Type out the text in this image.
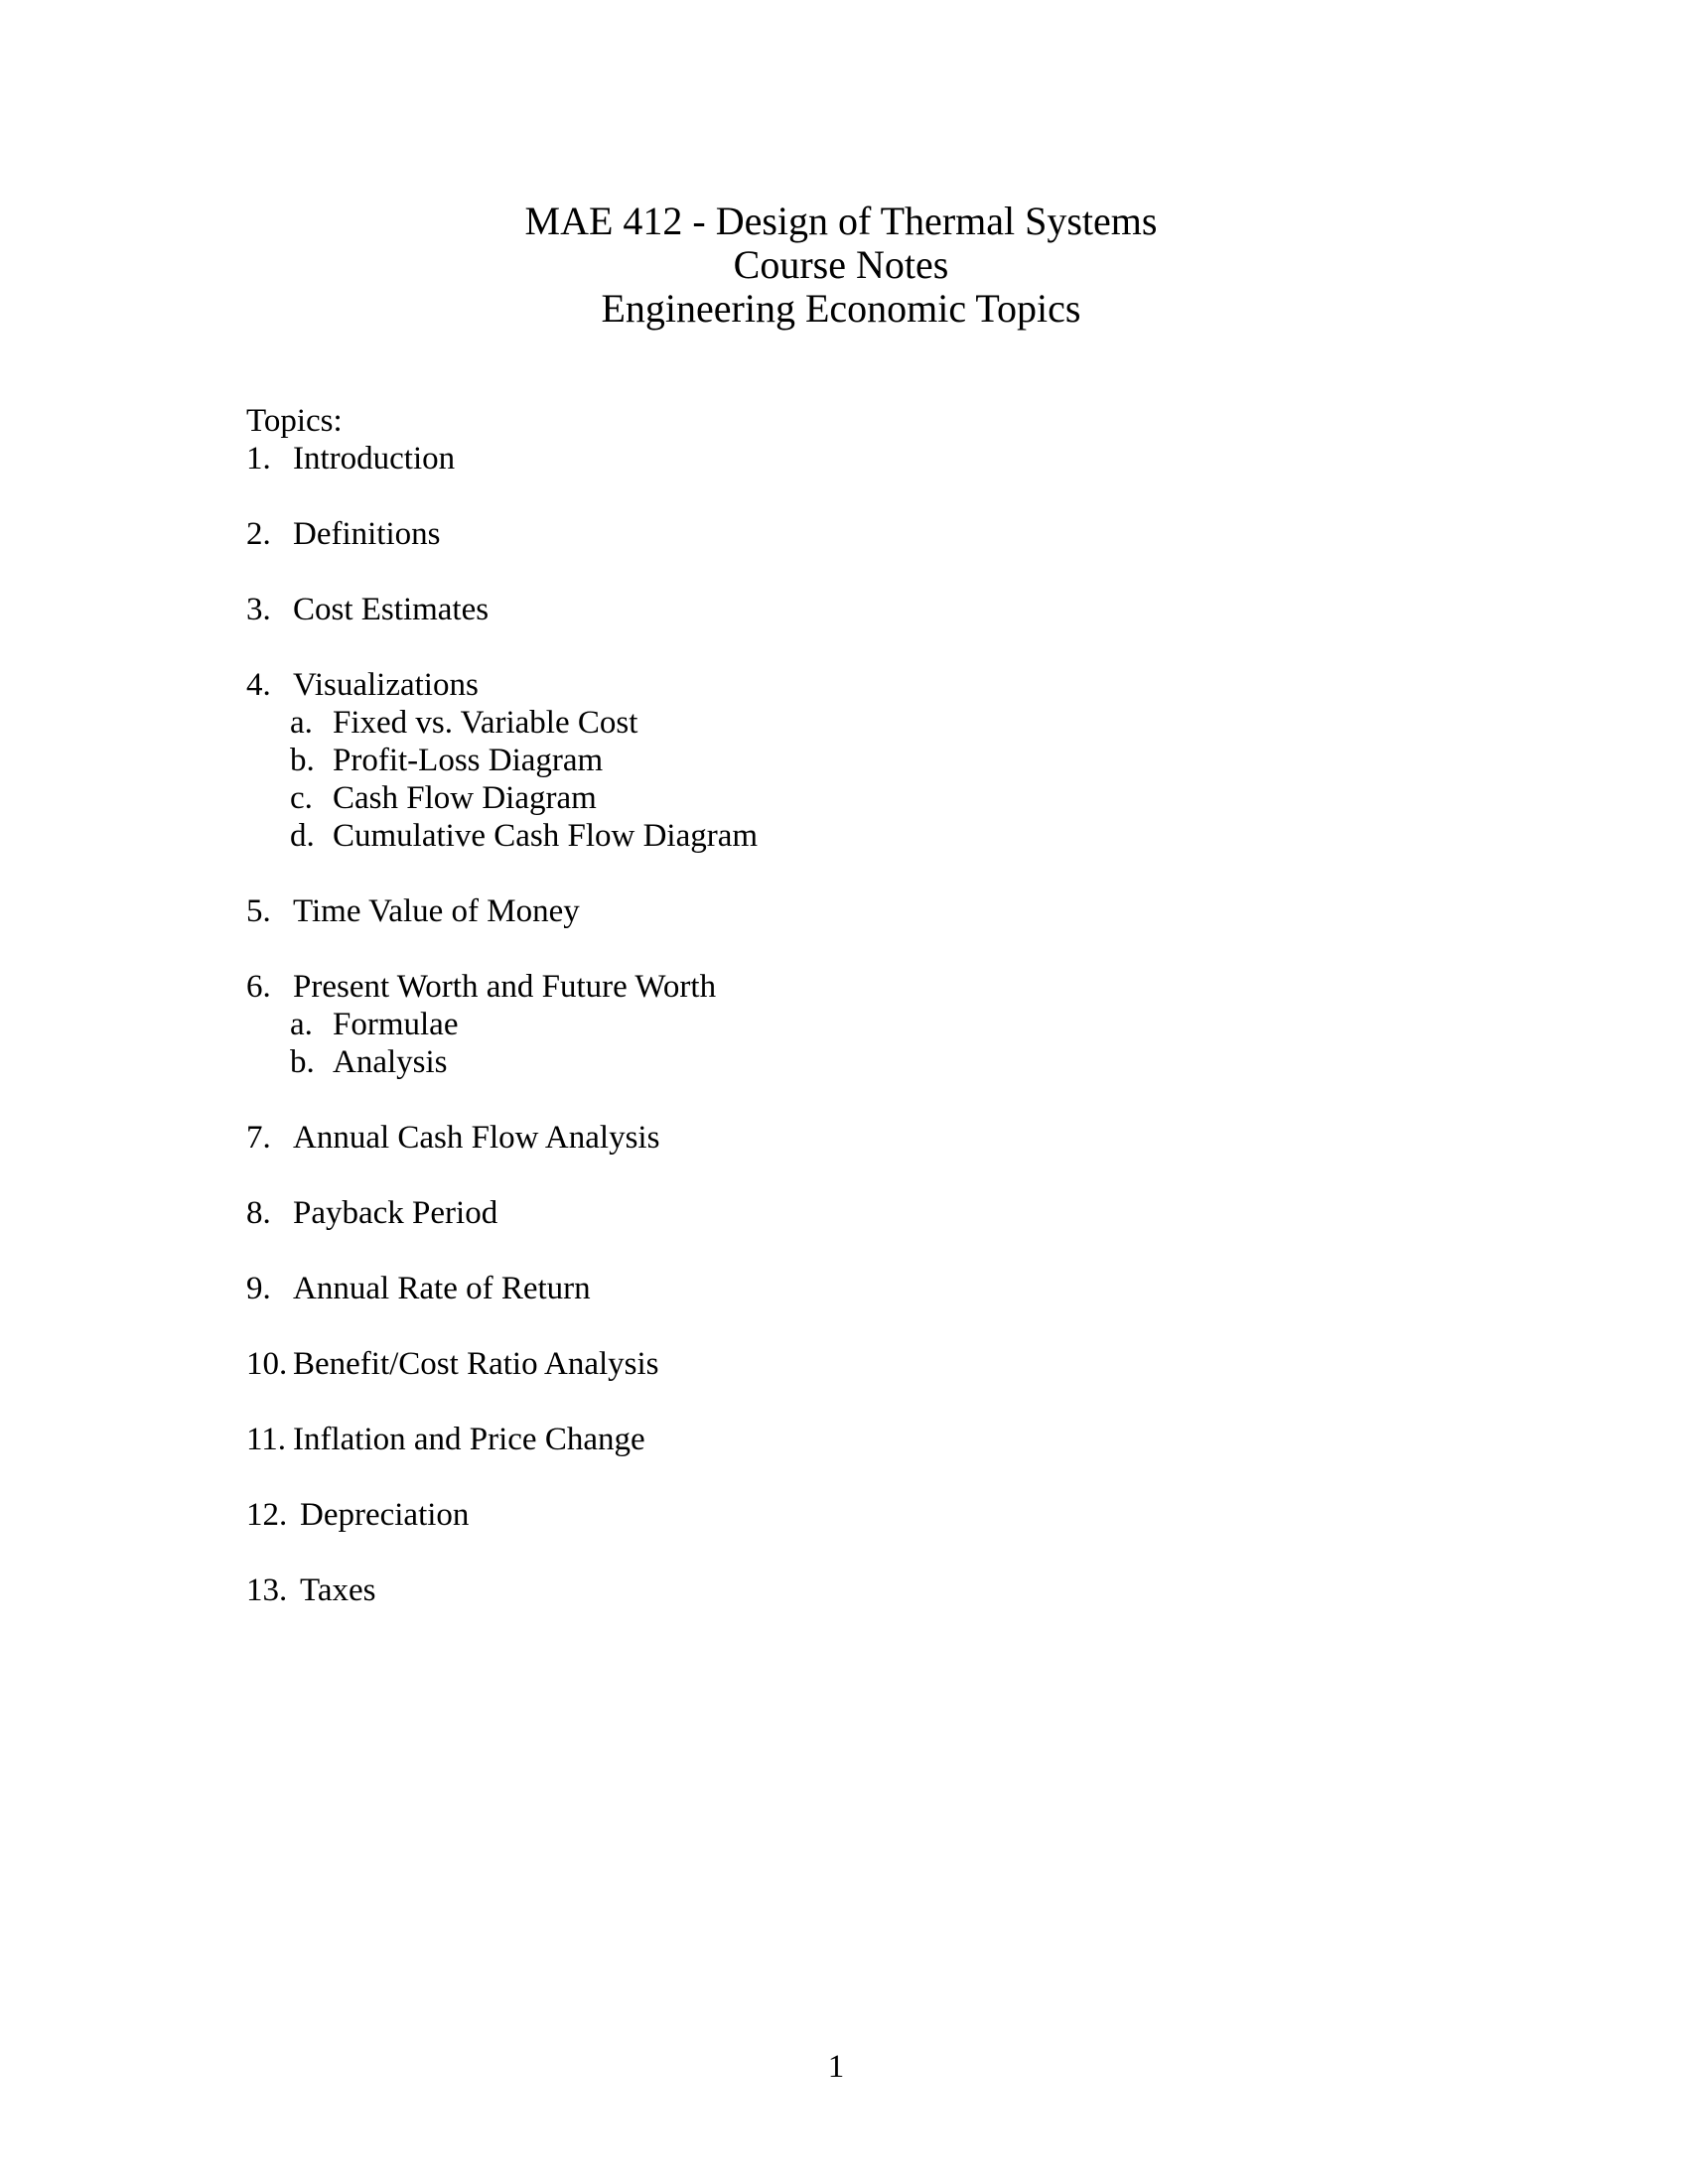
MAE 412 - Design of Thermal Systems
Course Notes
Engineering Economic Topics
Topics:
1. Introduction
2. Definitions
3. Cost Estimates
4. Visualizations
a. Fixed vs. Variable Cost
b. Profit-Loss Diagram
c. Cash Flow Diagram
d. Cumulative Cash Flow Diagram
5. Time Value of Money
6. Present Worth and Future Worth
a. Formulae
b. Analysis
7. Annual Cash Flow Analysis
8. Payback Period
9. Annual Rate of Return
10. Benefit/Cost Ratio Analysis
11. Inflation and Price Change
12. Depreciation
13. Taxes
1
